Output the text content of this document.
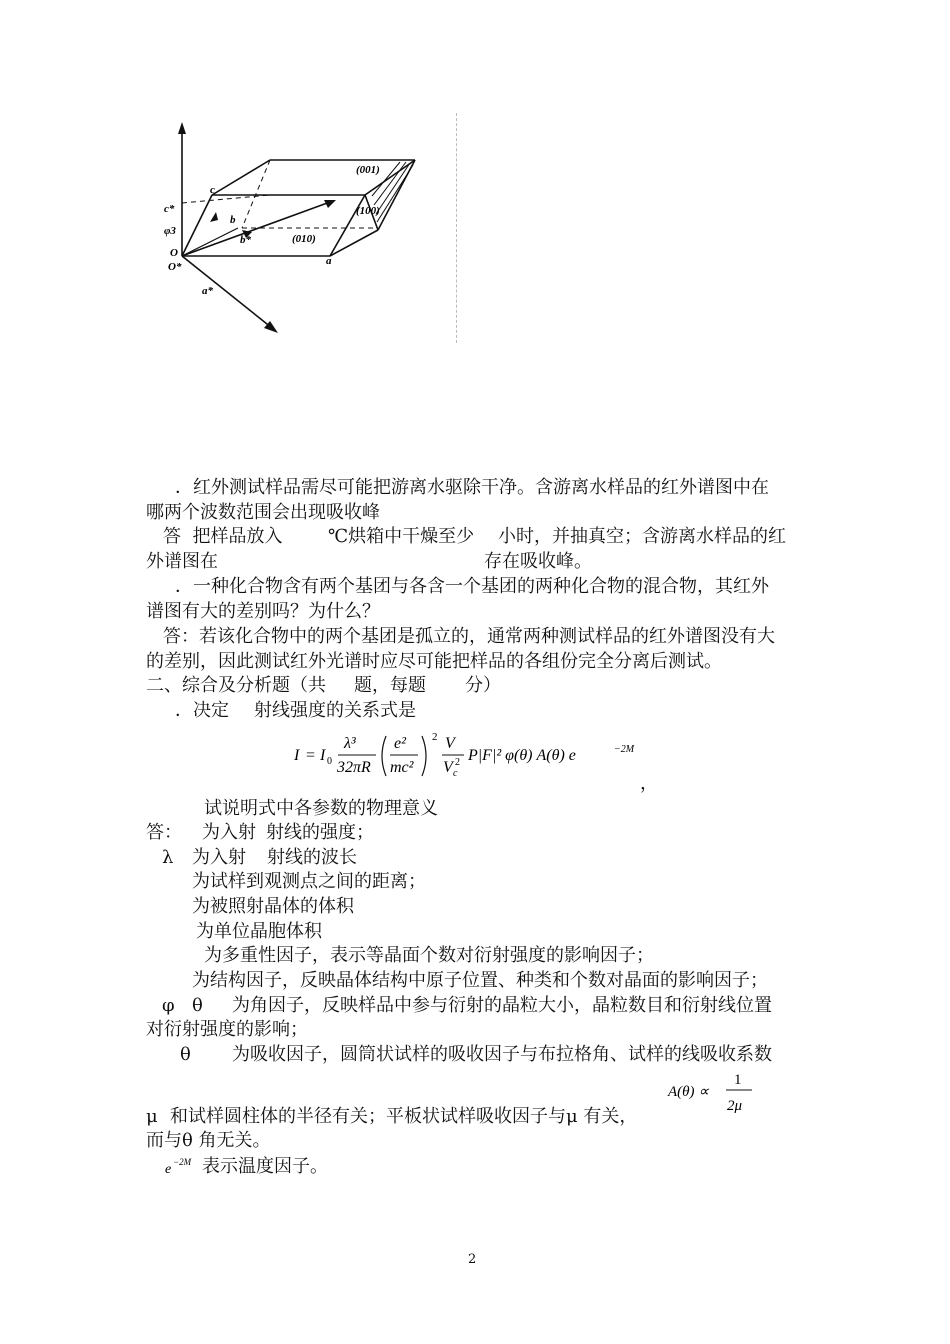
(001)
(100)
(010)
c
c*
b
b*
φ3
O
O*	a
a*
．红外测试样品需尽可能把游离水驱除干净。含游离水样品的红外谱图中在
哪两个波数范围会出现吸收峰
答  把样品放入	℃烘箱中干燥至少 小时，并抽真空；含游离水样品的红
外谱图在	存在吸收峰。
．一种化合物含有两个基团与各含一个基团的两种化合物的混合物，其红外
谱图有大的差别吗？为什么？
答：若该化合物中的两个基团是孤立的，通常两种测试样品的红外谱图没有大
的差别，因此测试红外光谱时应尽可能把样品的各组份完全分离后测试。
二、综合及分析题（共 题，每题 分）
．决定 射线强度的关系式是
I = I 0
λ³
32πR
e²
mc²
2 V
V c
2 P|F|² φ(θ) A(θ) e	−2M
，
试说明式中各参数的物理意义
答： 为入射 射线的强度；
λ 为入射 射线的波长
为试样到观测点之间的距离；
为被照射晶体的体积
为单位晶胞体积
为多重性因子，表示等晶面个数对衍射强度的影响因子；
为结构因子，反映晶体结构中原子位置、种类和个数对晶面的影响因子；
φ θ 为角因子，反映样品中参与衍射的晶粒大小，晶粒数目和衍射线位置
对衍射强度的影响；
θ 为吸收因子，圆筒状试样的吸收因子与布拉格角、试样的线吸收系数
A(θ) ∝
1
2μ
μ 和试样圆柱体的半径有关；平板状试样吸收因子与μ 有关，
而与θ 角无关。
e −2M 表示温度因子。
2
